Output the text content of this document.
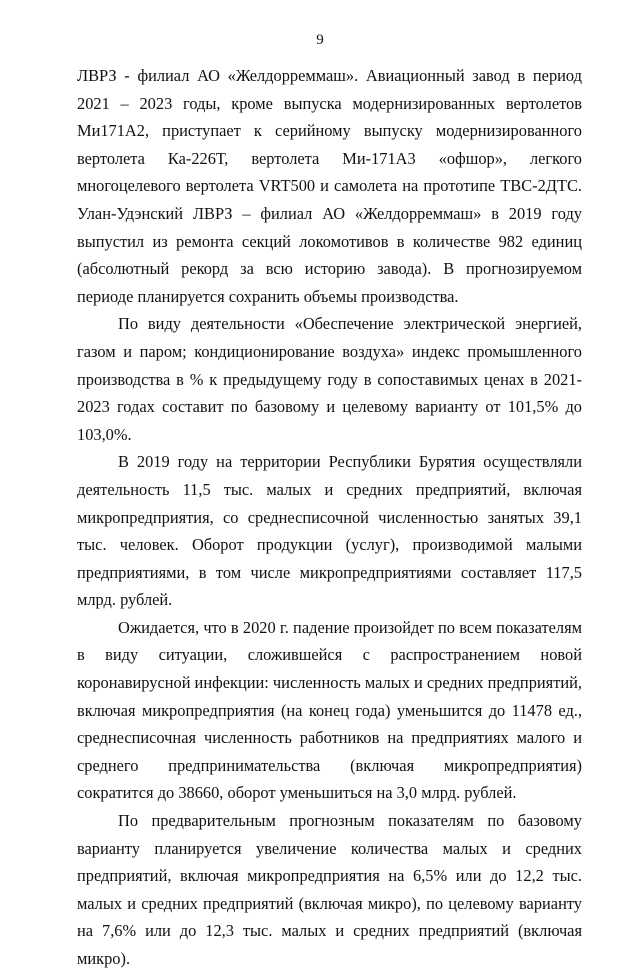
9

ЛВРЗ - филиал АО «Желдорреммаш». Авиационный завод в период 2021 – 2023 годы, кроме выпуска модернизированных вертолетов Ми171А2, приступает к серийному выпуску модернизированного вертолета Ка-226Т, вертолета Ми-171А3 «офшор», легкого многоцелевого вертолета VRT500 и самолета на прототипе ТВС-2ДТС. Улан-Удэнский ЛВРЗ – филиал АО «Желдорреммаш» в 2019 году выпустил из ремонта секций локомотивов в количестве 982 единиц (абсолютный рекорд за всю историю завода). В прогнозируемом периоде планируется сохранить объемы производства.

По виду деятельности «Обеспечение электрической энергией, газом и паром; кондиционирование воздуха» индекс промышленного производства в % к предыдущему году в сопоставимых ценах в 2021-2023 годах составит по базовому и целевому варианту от 101,5% до 103,0%.

В 2019 году на территории Республики Бурятия осуществляли деятельность 11,5 тыс. малых и средних предприятий, включая микропредприятия, со среднесписочной численностью занятых 39,1 тыс. человек. Оборот продукции (услуг), производимой малыми предприятиями, в том числе микропредприятиями составляет 117,5 млрд. рублей.

Ожидается, что в 2020 г. падение произойдет по всем показателям в виду ситуации, сложившейся с распространением новой коронавирусной инфекции: численность малых и средних предприятий, включая микропредприятия (на конец года) уменьшится до 11478 ед., среднесписочная численность работников на предприятиях малого и среднего предпринимательства (включая микропредприятия) сократится до 38660, оборот уменьшиться на 3,0 млрд. рублей.

По предварительным прогнозным показателям по базовому варианту планируется увеличение количества малых и средних предприятий, включая микропредприятия на 6,5% или до 12,2 тыс. малых и средних предприятий (включая микро), по целевому варианту на 7,6% или до 12,3 тыс. малых и средних предприятий (включая микро).
